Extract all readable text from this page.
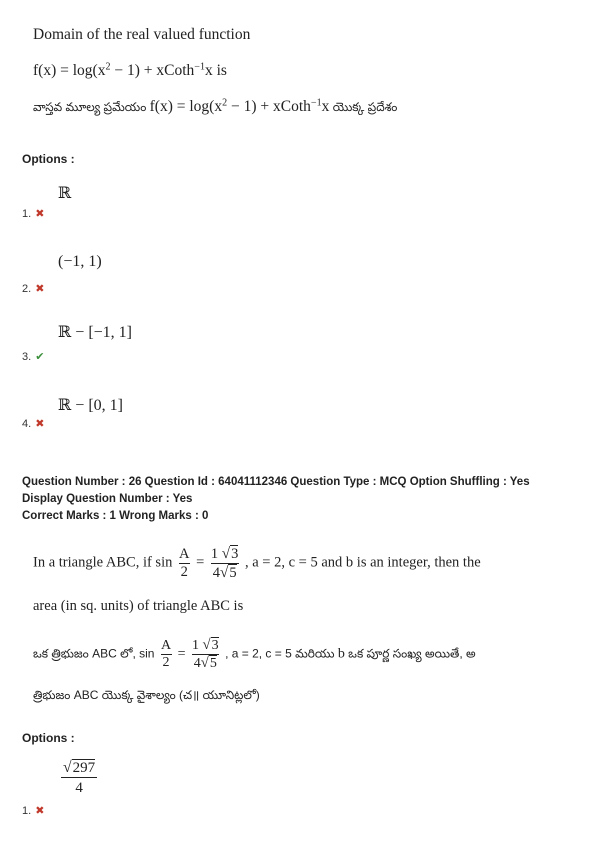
Domain of the real valued function
$f(x) = \log(x^2 - 1)$ + xCoth$^{-1}$x is
వాస్తవ మూల్య ప్రమేయం $f(x) = \log(x^2 - 1)$ + xCoth$^{-1}$x యొక్క ప్రదేశం
Options :
ℝ
1. ✖
(−1, 1)
2. ✖
ℝ − [−1, 1]
3. ✔
ℝ − [0, 1]
4. ✖
Question Number : 26 Question Id : 64041112346 Question Type : MCQ Option Shuffling : Yes
Display Question Number : Yes
Correct Marks : 1 Wrong Marks : 0
In a triangle ABC, if $\sin \frac{A}{2} = \frac{1 √3}{4√5}$ , a = 2, c = 5 and b is an integer, then the
area (in sq. units) of triangle ABC is
ఒక త్రిభుజం ABC లో, $\sin \frac{A}{2} = \frac{1 √3}{4√5}$ , a = 2, c = 5 మరియు b ఒక పూర్ణ సంఖ్య అయితే, అ
త్రిభుజం ABC యొక్క వైశాల్యం (చ॥ యూనిట్లలో)
Options :
$\frac{√297}{4}$
1. ✖
